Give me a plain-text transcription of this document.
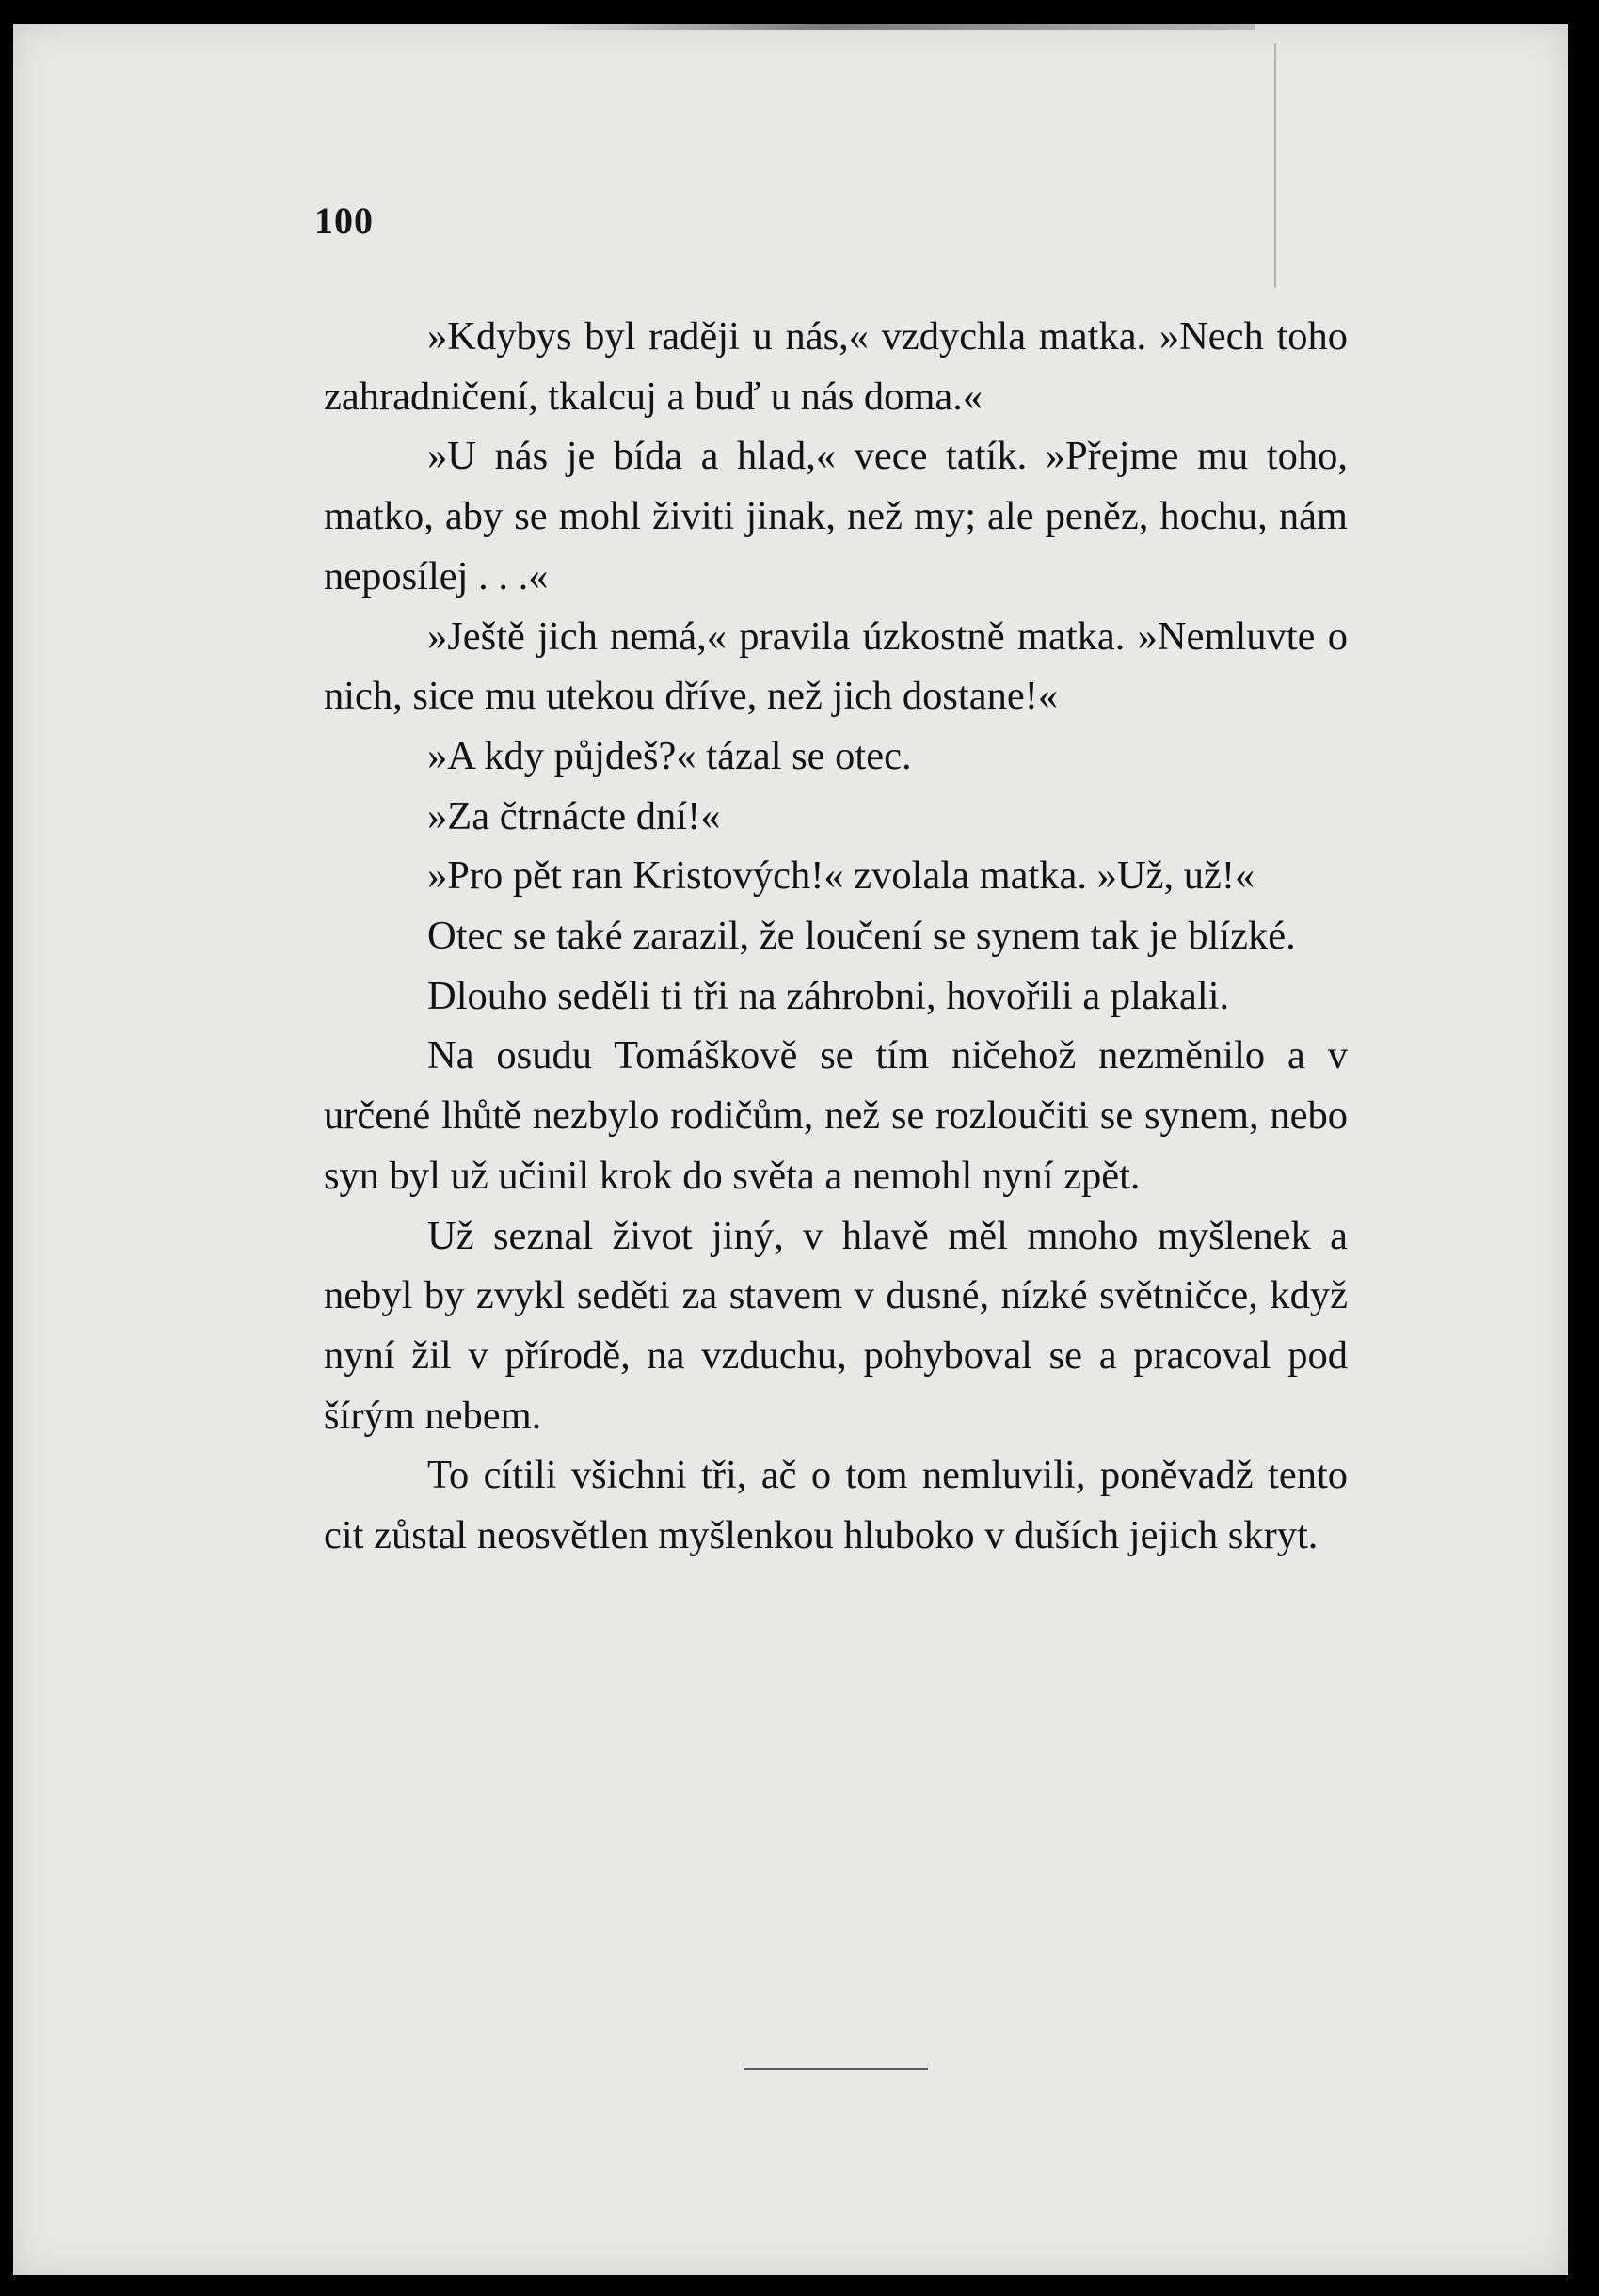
100

»Kdybys byl raději u nás,« vzdychla matka. »Nech toho zahradničení, tkalcuj a buď u nás doma.«

»U nás je bída a hlad,« vece tatík. »Přejme mu toho, matko, aby se mohl živiti jinak, než my; ale peněz, hochu, nám neposílej . . .«

»Ještě jich nemá,« pravila úzkostně matka. »Nemluvte o nich, sice mu utekou dříve, než jich dostane!«

»A kdy půjdeš?« tázal se otec.

»Za čtrnácte dní!«

»Pro pět ran Kristových!« zvolala matka. »Už, už!«

Otec se také zarazil, že loučení se synem tak je blízké.

Dlouho seděli ti tři na záhrobni, hovořili a plakali.

Na osudu Tomáškově se tím ničehož nezměnilo a v určené lhůtě nezbylo rodičům, než se rozloučiti se synem, nebo syn byl už učinil krok do světa a nemohl nyní zpět.

Už seznal život jiný, v hlavě měl mnoho myšlenek a nebyl by zvykl seděti za stavem v dusné, nízké světničce, když nyní žil v přírodě, na vzduchu, pohyboval se a pracoval pod šírým nebem.

To cítili všichni tři, ač o tom nemluvili, poněvadž tento cit zůstal neosvětlen myšlenkou hluboko v duších jejich skryt.
